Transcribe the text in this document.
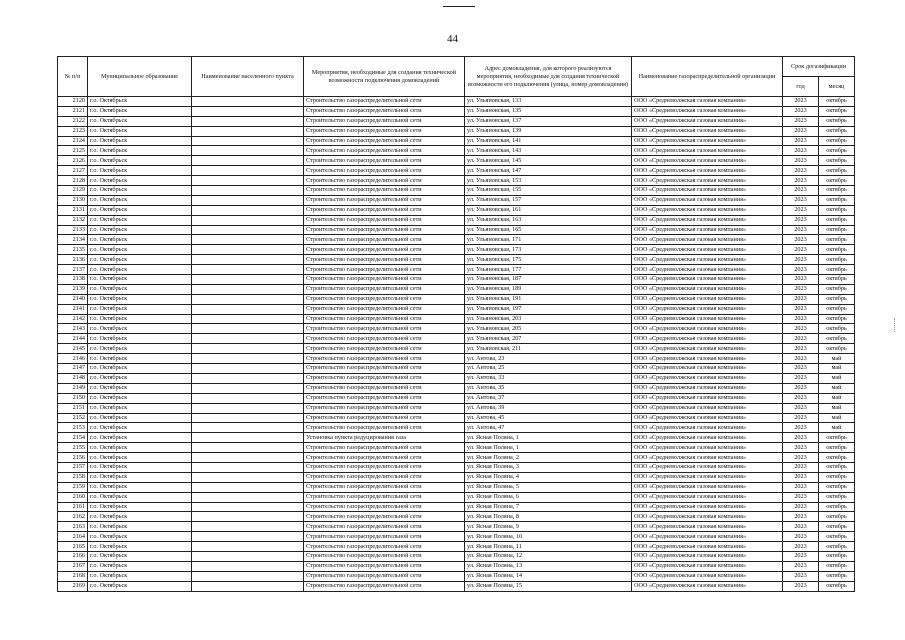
44
№ п/п	Муниципальное образование	Наименование населенного пункта	Мероприятия, необходимые для создания технической возможности подключения домовладений	Адрес домовладения, для которого реализуются мероприятия, необходимые для создания технической возможности его подключения (улица, номер домовладения)	Наименование газораспределительной организации	Срок догазификации	
						год	месяц
2120	г.о. Октябрьск		Строительство газораспределительной сети	ул. Ульяновская, 133	ООО «Средневолжская газовая компания»	2023	октябрь
2121	г.о. Октябрьск		Строительство газораспределительной сети	ул. Ульяновская, 135	ООО «Средневолжская газовая компания»	2023	октябрь
2122	г.о. Октябрьск		Строительство газораспределительной сети	ул. Ульяновская, 137	ООО «Средневолжская газовая компания»	2023	октябрь
2123	г.о. Октябрьск		Строительство газораспределительной сети	ул. Ульяновская, 139	ООО «Средневолжская газовая компания»	2023	октябрь
2124	г.о. Октябрьск		Строительство газораспределительной сети	ул. Ульяновская, 141	ООО «Средневолжская газовая компания»	2023	октябрь
2125	г.о. Октябрьск		Строительство газораспределительной сети	ул. Ульяновская, 143	ООО «Средневолжская газовая компания»	2023	октябрь
2126	г.о. Октябрьск		Строительство газораспределительной сети	ул. Ульяновская, 145	ООО «Средневолжская газовая компания»	2023	октябрь
2127	г.о. Октябрьск		Строительство газораспределительной сети	ул. Ульяновская, 147	ООО «Средневолжская газовая компания»	2023	октябрь
2128	г.о. Октябрьск		Строительство газораспределительной сети	ул. Ульяновская, 153	ООО «Средневолжская газовая компания»	2023	октябрь
2129	г.о. Октябрьск		Строительство газораспределительной сети	ул. Ульяновская, 155	ООО «Средневолжская газовая компания»	2023	октябрь
2130	г.о. Октябрьск		Строительство газораспределительной сети	ул. Ульяновская, 157	ООО «Средневолжская газовая компания»	2023	октябрь
2131	г.о. Октябрьск		Строительство газораспределительной сети	ул. Ульяновская, 161	ООО «Средневолжская газовая компания»	2023	октябрь
2132	г.о. Октябрьск		Строительство газораспределительной сети	ул. Ульяновская, 163	ООО «Средневолжская газовая компания»	2023	октябрь
2133	г.о. Октябрьск		Строительство газораспределительной сети	ул. Ульяновская, 165	ООО «Средневолжская газовая компания»	2023	октябрь
2134	г.о. Октябрьск		Строительство газораспределительной сети	ул. Ульяновская, 171	ООО «Средневолжская газовая компания»	2023	октябрь
2135	г.о. Октябрьск		Строительство газораспределительной сети	ул. Ульяновская, 173	ООО «Средневолжская газовая компания»	2023	октябрь
2136	г.о. Октябрьск		Строительство газораспределительной сети	ул. Ульяновская, 175	ООО «Средневолжская газовая компания»	2023	октябрь
2137	г.о. Октябрьск		Строительство газораспределительной сети	ул. Ульяновская, 177	ООО «Средневолжская газовая компания»	2023	октябрь
2138	г.о. Октябрьск		Строительство газораспределительной сети	ул. Ульяновская, 187	ООО «Средневолжская газовая компания»	2023	октябрь
2139	г.о. Октябрьск		Строительство газораспределительной сети	ул. Ульяновская, 189	ООО «Средневолжская газовая компания»	2023	октябрь
2140	г.о. Октябрьск		Строительство газораспределительной сети	ул. Ульяновская, 191	ООО «Средневолжская газовая компания»	2023	октябрь
2141	г.о. Октябрьск		Строительство газораспределительной сети	ул. Ульяновская, 197	ООО «Средневолжская газовая компания»	2023	октябрь
2142	г.о. Октябрьск		Строительство газораспределительной сети	ул. Ульяновская, 203	ООО «Средневолжская газовая компания»	2023	октябрь
2143	г.о. Октябрьск		Строительство газораспределительной сети	ул. Ульяновская, 205	ООО «Средневолжская газовая компания»	2023	октябрь
2144	г.о. Октябрьск		Строительство газораспределительной сети	ул. Ульяновская, 207	ООО «Средневолжская газовая компания»	2023	октябрь
2145	г.о. Октябрьск		Строительство газораспределительной сети	ул. Ульяновская, 211	ООО «Средневолжская газовая компания»	2023	октябрь
2146	г.о. Октябрьск		Строительство газораспределительной сети	ул. Антова, 23	ООО «Средневолжская газовая компания»	2023	май
2147	г.о. Октябрьск		Строительство газораспределительной сети	ул. Антова, 25	ООО «Средневолжская газовая компания»	2023	май
2148	г.о. Октябрьск		Строительство газораспределительной сети	ул. Антова, 33	ООО «Средневолжская газовая компания»	2023	май
2149	г.о. Октябрьск		Строительство газораспределительной сети	ул. Антова, 35	ООО «Средневолжская газовая компания»	2023	май
2150	г.о. Октябрьск		Строительство газораспределительной сети	ул. Антова, 37	ООО «Средневолжская газовая компания»	2023	май
2151	г.о. Октябрьск		Строительство газораспределительной сети	ул. Антова, 39	ООО «Средневолжская газовая компания»	2023	май
2152	г.о. Октябрьск		Строительство газораспределительной сети	ул. Антова, 45	ООО «Средневолжская газовая компания»	2023	май
2153	г.о. Октябрьск		Строительство газораспределительной сети	ул. Антова, 47	ООО «Средневолжская газовая компания»	2023	май
2154	г.о. Октябрьск		Установка пункта редуцирования газа	ул. Ясная Поляна, 1	ООО «Средневолжская газовая компания»	2023	октябрь
2155	г.о. Октябрьск		Строительство газораспределительной сети	ул. Ясная Поляна, 1	ООО «Средневолжская газовая компания»	2023	октябрь
2156	г.о. Октябрьск		Строительство газораспределительной сети	ул. Ясная Поляна, 2	ООО «Средневолжская газовая компания»	2023	октябрь
2157	г.о. Октябрьск		Строительство газораспределительной сети	ул. Ясная Поляна, 3	ООО «Средневолжская газовая компания»	2023	октябрь
2158	г.о. Октябрьск		Строительство газораспределительной сети	ул. Ясная Поляна, 4	ООО «Средневолжская газовая компания»	2023	октябрь
2159	г.о. Октябрьск		Строительство газораспределительной сети	ул. Ясная Поляна, 5	ООО «Средневолжская газовая компания»	2023	октябрь
2160	г.о. Октябрьск		Строительство газораспределительной сети	ул. Ясная Поляна, 6	ООО «Средневолжская газовая компания»	2023	октябрь
2161	г.о. Октябрьск		Строительство газораспределительной сети	ул. Ясная Поляна, 7	ООО «Средневолжская газовая компания»	2023	октябрь
2162	г.о. Октябрьск		Строительство газораспределительной сети	ул. Ясная Поляна, 8	ООО «Средневолжская газовая компания»	2023	октябрь
2163	г.о. Октябрьск		Строительство газораспределительной сети	ул. Ясная Поляна, 9	ООО «Средневолжская газовая компания»	2023	октябрь
2164	г.о. Октябрьск		Строительство газораспределительной сети	ул. Ясная Поляна, 10	ООО «Средневолжская газовая компания»	2023	октябрь
2165	г.о. Октябрьск		Строительство газораспределительной сети	ул. Ясная Поляна, 11	ООО «Средневолжская газовая компания»	2023	октябрь
2166	г.о. Октябрьск		Строительство газораспределительной сети	ул. Ясная Поляна, 12	ООО «Средневолжская газовая компания»	2023	октябрь
2167	г.о. Октябрьск		Строительство газораспределительной сети	ул. Ясная Поляна, 13	ООО «Средневолжская газовая компания»	2023	октябрь
2168	г.о. Октябрьск		Строительство газораспределительной сети	ул. Ясная Поляна, 14	ООО «Средневолжская газовая компания»	2023	октябрь
2169	г.о. Октябрьск		Строительство газораспределительной сети	ул. Ясная Поляна, 15	ООО «Средневолжская газовая компания»	2023	октябрь
